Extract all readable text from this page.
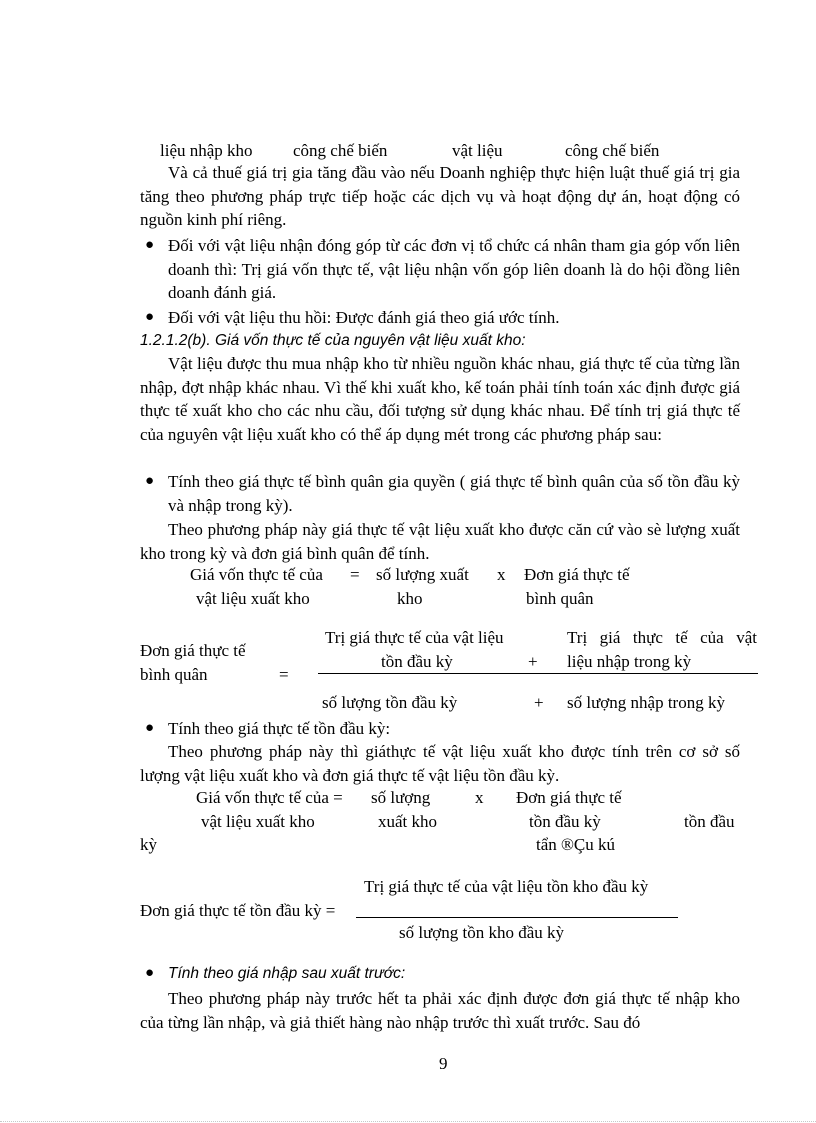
liệu nhập kho công chế biến	vật liệu	công chế biến
Và cả thuế giá trị gia tăng đầu vào nếu Doanh nghiệp thực hiện luật thuế giá trị gia tăng theo phương pháp trực tiếp hoặc các dịch vụ và hoạt động dự án, hoạt động có nguồn kinh phí riêng.
● Đối với vật liệu nhận đóng góp từ các đơn vị tổ chức cá nhân tham gia góp vốn liên doanh thì: Trị giá vốn thực tế, vật liệu nhận vốn góp liên doanh là do hội đồng liên doanh đánh giá.
● Đối với vật liệu thu hồi: Được đánh giá theo giá ước tính.
1.2.1.2(b). Giá vốn thực tế của nguyên vật liệu xuất kho:
Vật liệu được thu mua nhập kho từ nhiều nguồn khác nhau, giá thực tế của từng lần nhập, đợt nhập khác nhau. Vì thế khi xuất kho, kế toán phải tính toán xác định được giá thực tế xuất kho cho các nhu cầu, đối tượng sử dụng khác nhau. Để tính trị giá thực tế của nguyên vật liệu xuất kho có thể áp dụng mét trong các phương pháp sau:
● Tính theo giá thực tế bình quân gia quyền ( giá thực tế bình quân của số tồn đầu kỳ và nhập trong kỳ).
Theo phương pháp này giá thực tế vật liệu xuất kho được căn cứ vào sè lượng xuất kho trong kỳ và đơn giá bình quân để tính.
Giá vốn thực tế của = số lượng xuất x Đơn giá thực tế
vật liệu xuất kho	kho	bình quân
Đơn giá thực tế
bình quân	=
Trị giá thực tế của vật liệu
tồn đầu kỳ	+
Trị giá thực tế của vật
liệu nhập trong kỳ
số lượng tồn đầu kỳ	+ số lượng nhập trong kỳ
● Tính theo giá thực tế tồn đầu kỳ:
Theo phương pháp này thì giáthực tế vật liệu xuất kho được tính trên cơ sở số lượng vật liệu xuất kho và đơn giá thực tế vật liệu tồn đầu kỳ.
Giá vốn thực tế của = số lượng	x Đơn giá thực tế
vật liệu xuất kho	xuất kho	tồn đầu kỳ	tồn đầu
kỳ	tẩn ®Çu kú
Trị giá thực tế của vật liệu tồn kho đầu kỳ
Đơn giá thực tế tồn đầu kỳ =
số lượng tồn kho đầu kỳ
● Tính theo giá nhập sau xuất trước:
Theo phương pháp này trước hết ta phải xác định được đơn giá thực tế nhập kho của từng lần nhập, và giả thiết hàng nào nhập trước thì xuất trước. Sau đó
9
